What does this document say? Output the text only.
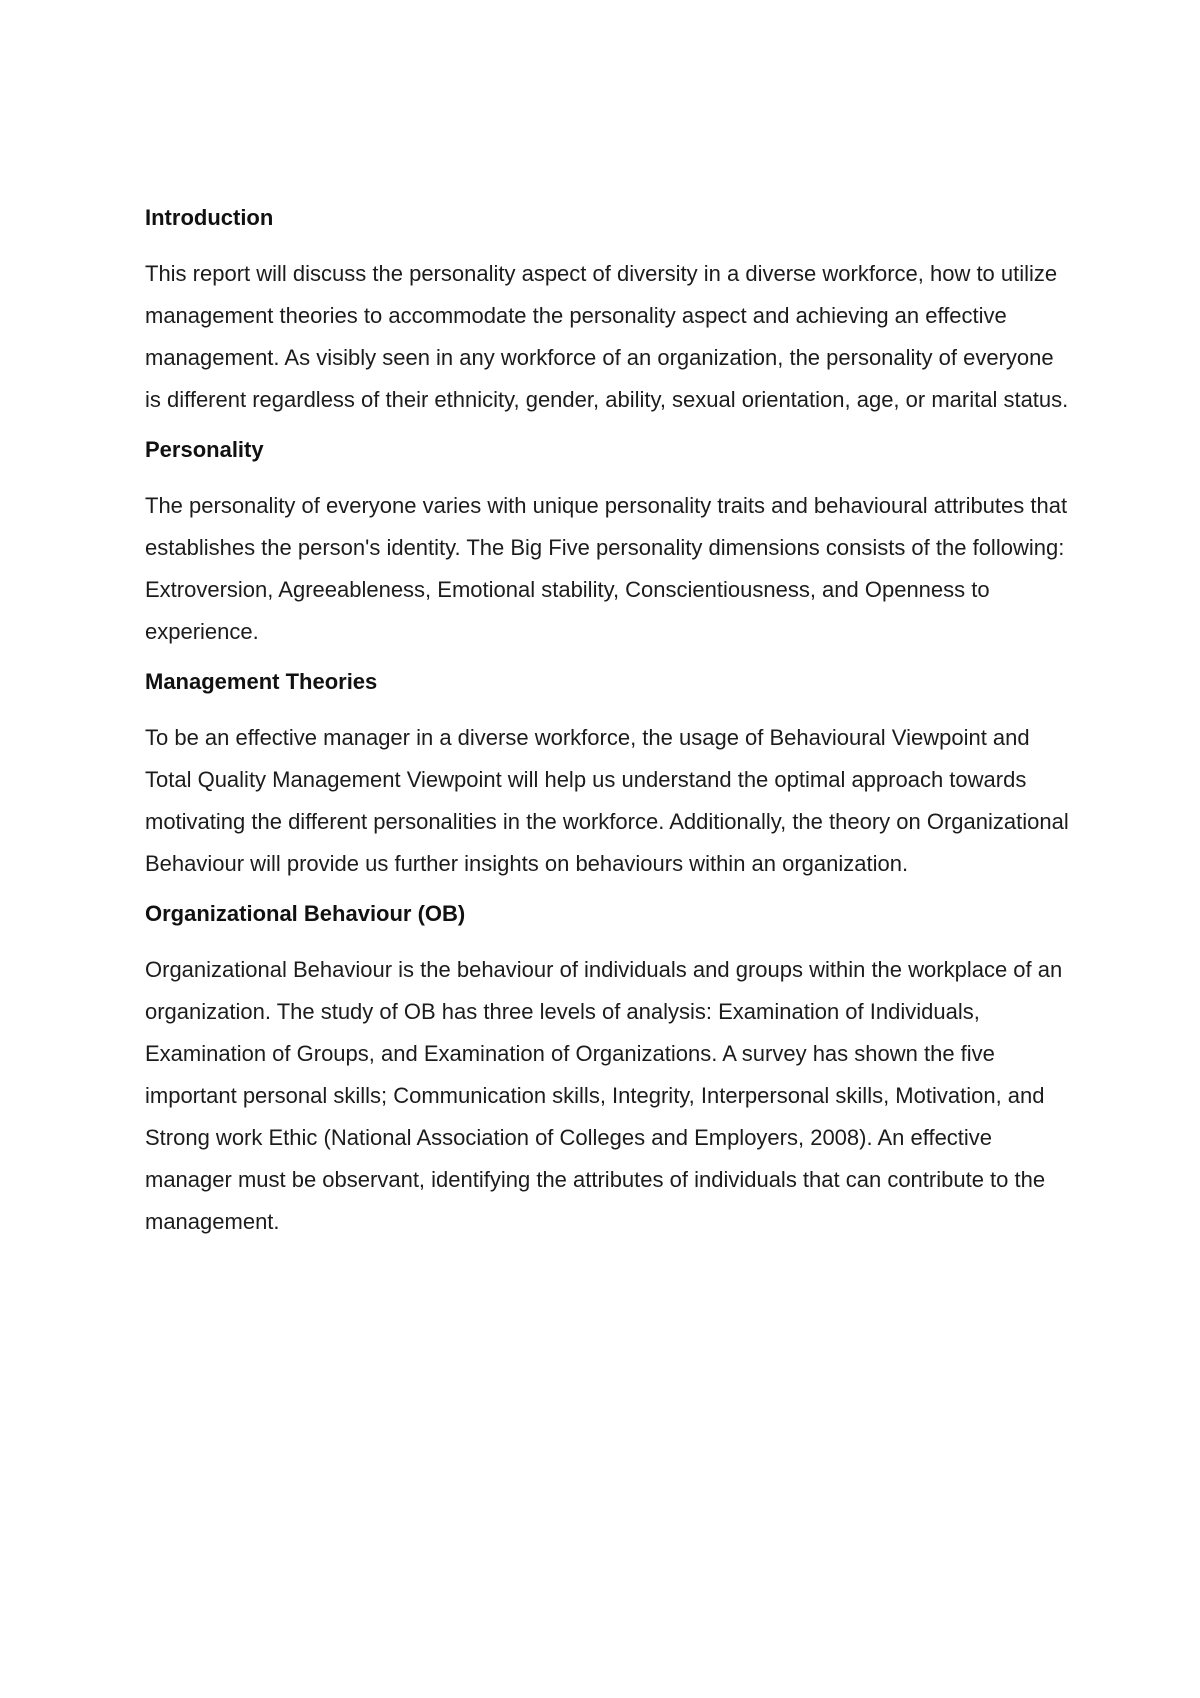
Introduction

This report will discuss the personality aspect of diversity in a diverse workforce, how to utilize management theories to accommodate the personality aspect and achieving an effective management. As visibly seen in any workforce of an organization, the personality of everyone is different regardless of their ethnicity, gender, ability, sexual orientation, age, or marital status.

Personality

The personality of everyone varies with unique personality traits and behavioural attributes that establishes the person's identity. The Big Five personality dimensions consists of the following: Extroversion, Agreeableness, Emotional stability, Conscientiousness, and Openness to experience.

Management Theories

To be an effective manager in a diverse workforce, the usage of Behavioural Viewpoint and Total Quality Management Viewpoint will help us understand the optimal approach towards motivating the different personalities in the workforce. Additionally, the theory on Organizational Behaviour will provide us further insights on behaviours within an organization.

Organizational Behaviour (OB)

Organizational Behaviour is the behaviour of individuals and groups within the workplace of an organization. The study of OB has three levels of analysis: Examination of Individuals, Examination of Groups, and Examination of Organizations. A survey has shown the five important personal skills; Communication skills, Integrity, Interpersonal skills, Motivation, and Strong work Ethic (National Association of Colleges and Employers, 2008). An effective manager must be observant, identifying the attributes of individuals that can contribute to the management.
